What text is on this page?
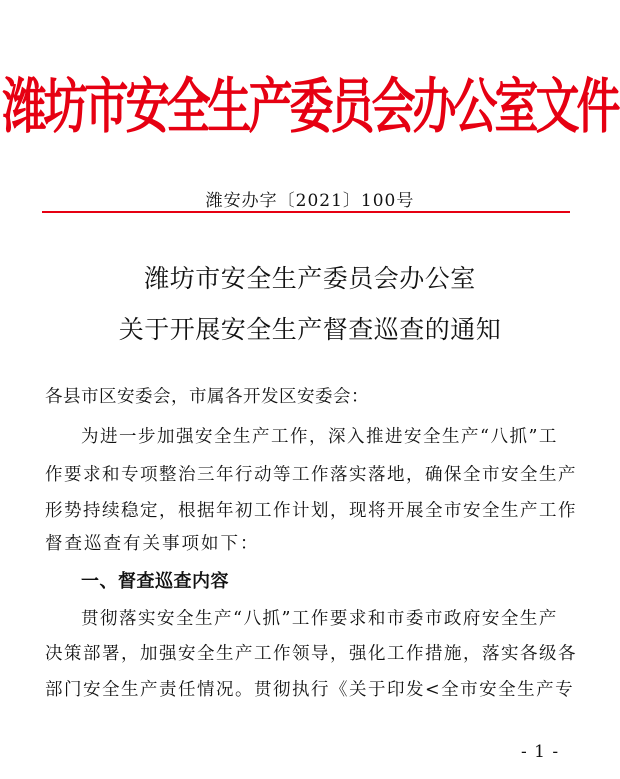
潍坊市安全生产委员会办公室文件
潍安办字〔2021〕100号
潍坊市安全生产委员会办公室
关于开展安全生产督查巡查的通知
各县市区安委会，市属各开发区安委会：
为进一步加强安全生产工作，深入推进安全生产“八抓”工
作要求和专项整治三年行动等工作落实落地，确保全市安全生产
形势持续稳定，根据年初工作计划，现将开展全市安全生产工作
督查巡查有关事项如下：
一、督查巡查内容
贯彻落实安全生产“八抓”工作要求和市委市政府安全生产
决策部署，加强安全生产工作领导，强化工作措施，落实各级各
部门安全生产责任情况。贯彻执行《关于印发<全市安全生产专
- 1 -
